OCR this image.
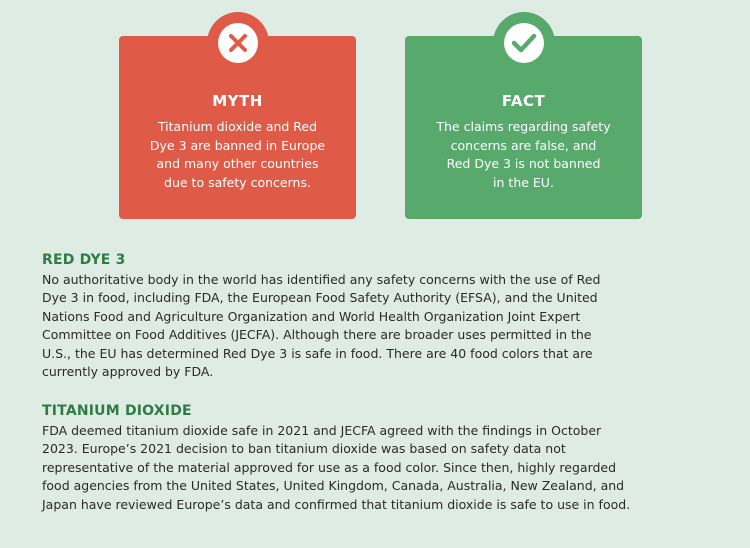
MYTH
Titanium dioxide and Red
Dye 3 are banned in Europe
and many other countries
due to safety concerns.
FACT
The claims regarding safety
concerns are false, and
Red Dye 3 is not banned
in the EU.
RED DYE 3

No authoritative body in the world has identified any safety concerns with the use of Red
Dye 3 in food, including FDA, the European Food Safety Authority (EFSA), and the United
Nations Food and Agriculture Organization and World Health Organization Joint Expert
Committee on Food Additives (JECFA). Although there are broader uses permitted in the
U.S., the EU has determined Red Dye 3 is safe in food. There are 40 food colors that are
currently approved by FDA.

TITANIUM DIOXIDE

FDA deemed titanium dioxide safe in 2021 and JECFA agreed with the findings in October
2023. Europe’s 2021 decision to ban titanium dioxide was based on safety data not
representative of the material approved for use as a food color. Since then, highly regarded
food agencies from the United States, United Kingdom, Canada, Australia, New Zealand, and
Japan have reviewed Europe’s data and confirmed that titanium dioxide is safe to use in food.
